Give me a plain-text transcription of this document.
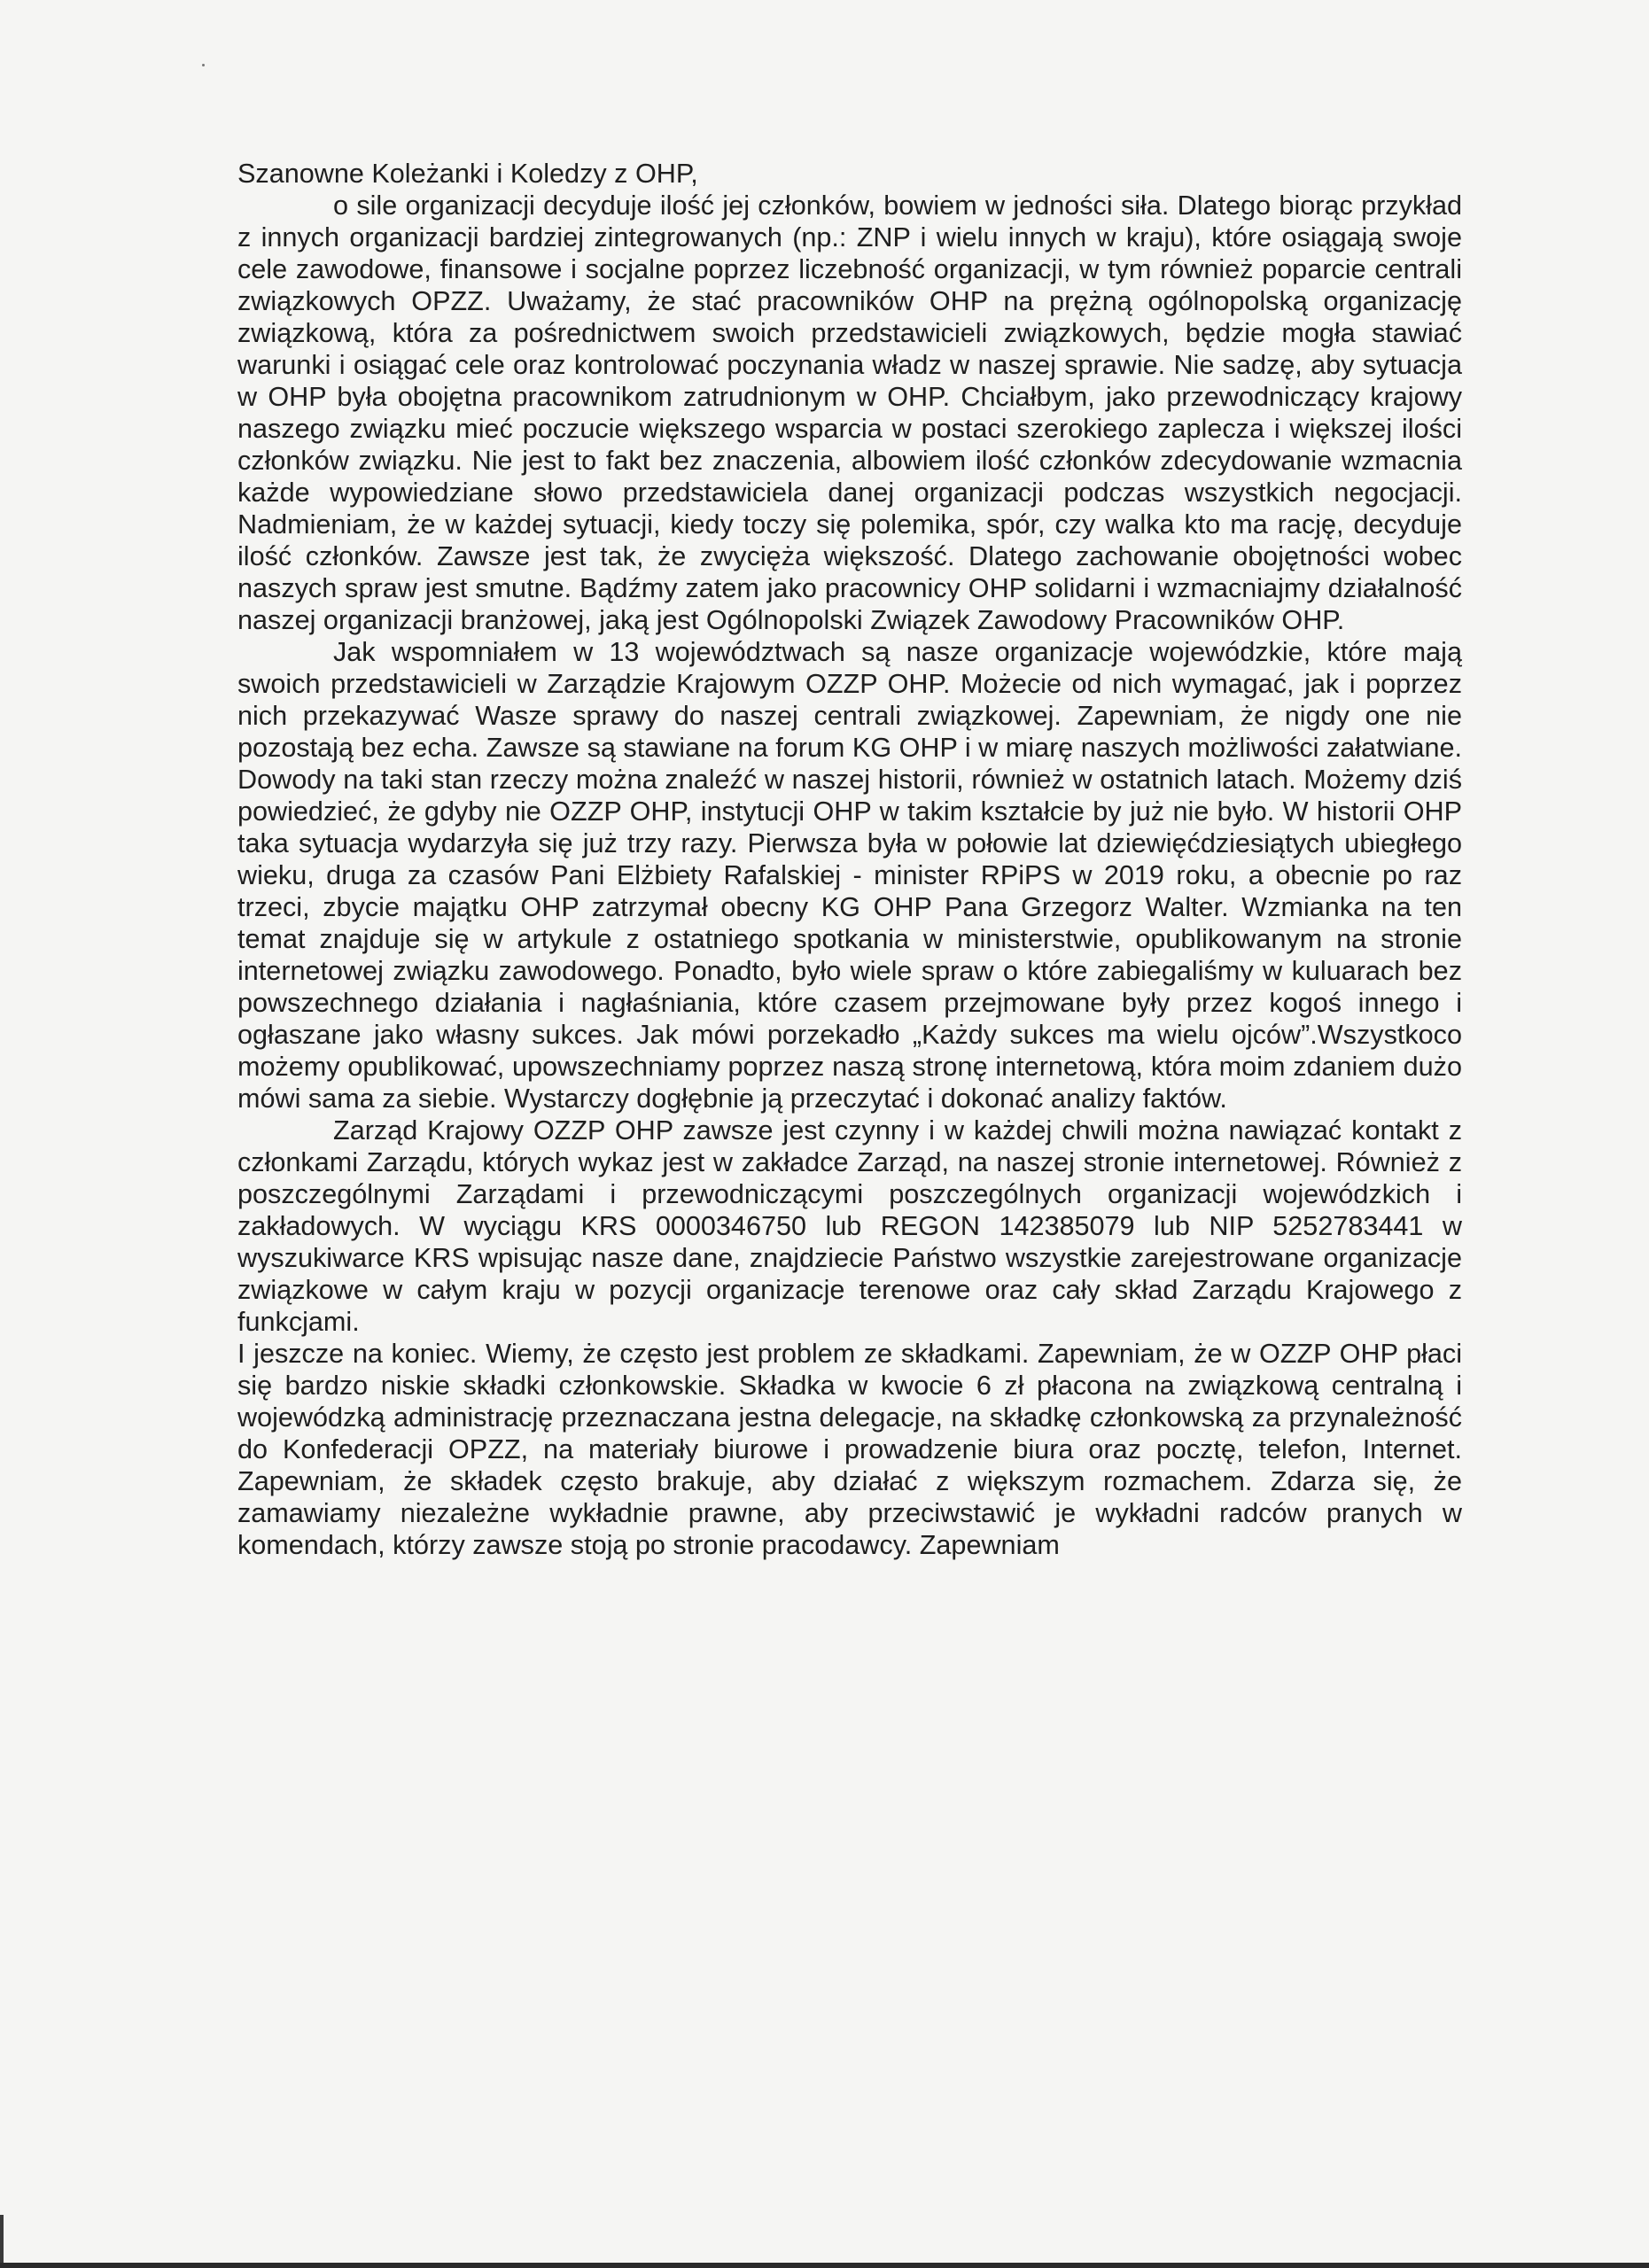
Szanowne Koleżanki i Koledzy z OHP,

o sile organizacji decyduje ilość jej członków, bowiem w jedności siła. Dlatego biorąc przykład z innych organizacji bardziej zintegrowanych (np.: ZNP i wielu innych w kraju), które osiągają swoje cele zawodowe, finansowe i socjalne poprzez liczebność organizacji, w tym również poparcie centrali związkowych OPZZ. Uważamy, że stać pracowników OHP na prężną ogólnopolską organizację związkową, która za pośrednictwem swoich przedstawicieli związkowych, będzie mogła stawiać warunki i osiągać cele oraz kontrolować poczynania władz w naszej sprawie. Nie sadzę, aby sytuacja w OHP była obojętna pracownikom zatrudnionym w OHP. Chciałbym, jako przewodniczący krajowy naszego związku mieć poczucie większego wsparcia w postaci szerokiego zaplecza i większej ilości członków związku. Nie jest to fakt bez znaczenia, albowiem ilość członków zdecydowanie wzmacnia każde wypowiedziane słowo przedstawiciela danej organizacji podczas wszystkich negocjacji. Nadmieniam, że w każdej sytuacji, kiedy toczy się polemika, spór, czy walka kto ma rację, decyduje ilość członków. Zawsze jest tak, że zwycięża większość. Dlatego zachowanie obojętności wobec naszych spraw jest smutne. Bądźmy zatem jako pracownicy OHP solidarni i wzmacniajmy działalność naszej organizacji branżowej, jaką jest Ogólnopolski Związek Zawodowy Pracowników OHP.

Jak wspomniałem w 13 województwach są nasze organizacje wojewódzkie, które mają swoich przedstawicieli w Zarządzie Krajowym OZZP OHP. Możecie od nich wymagać, jak i poprzez nich przekazywać Wasze sprawy do naszej centrali związkowej. Zapewniam, że nigdy one nie pozostają bez echa. Zawsze są stawiane na forum KG OHP i w miarę naszych możliwości załatwiane. Dowody na taki stan rzeczy można znaleźć w naszej historii, również w ostatnich latach. Możemy dziś powiedzieć, że gdyby nie OZZP OHP, instytucji OHP w takim kształcie by już nie było. W historii OHP taka sytuacja wydarzyła się już trzy razy. Pierwsza była w połowie lat dziewięćdziesiątych ubiegłego wieku, druga za czasów Pani Elżbiety Rafalskiej - minister RPiPS w 2019 roku, a obecnie po raz trzeci, zbycie majątku OHP zatrzymał obecny KG OHP Pana Grzegorz Walter. Wzmianka na ten temat znajduje się w artykule z ostatniego spotkania w ministerstwie, opublikowanym na stronie internetowej związku zawodowego. Ponadto, było wiele spraw o które zabiegaliśmy w kuluarach bez powszechnego działania i nagłaśniania, które czasem przejmowane były przez kogoś innego i ogłaszane jako własny sukces. Jak mówi porzekadło „Każdy sukces ma wielu ojców”.Wszystkoco możemy opublikować, upowszechniamy poprzez naszą stronę internetową, która moim zdaniem dużo mówi sama za siebie. Wystarczy dogłębnie ją przeczytać i dokonać analizy faktów.

Zarząd Krajowy OZZP OHP zawsze jest czynny i w każdej chwili można nawiązać kontakt z członkami Zarządu, których wykaz jest w zakładce Zarząd, na naszej stronie internetowej. Również z poszczególnymi Zarządami i przewodniczącymi poszczególnych organizacji wojewódzkich i zakładowych. W wyciągu KRS 0000346750 lub REGON 142385079 lub NIP 5252783441 w wyszukiwarce KRS wpisując nasze dane, znajdziecie Państwo wszystkie zarejestrowane organizacje związkowe w całym kraju w pozycji organizacje terenowe oraz cały skład Zarządu Krajowego z funkcjami.

I jeszcze na koniec. Wiemy, że często jest problem ze składkami. Zapewniam, że w OZZP OHP płaci się bardzo niskie składki członkowskie. Składka w kwocie 6 zł płacona na związkową centralną i wojewódzką administrację przeznaczana jestna delegacje, na składkę członkowską za przynależność do Konfederacji OPZZ, na materiały biurowe i prowadzenie biura oraz pocztę, telefon, Internet. Zapewniam, że składek często brakuje, aby działać z większym rozmachem. Zdarza się, że zamawiamy niezależne wykładnie prawne, aby przeciwstawić je wykładni radców pranych w komendach, którzy zawsze stoją po stronie pracodawcy. Zapewniam
